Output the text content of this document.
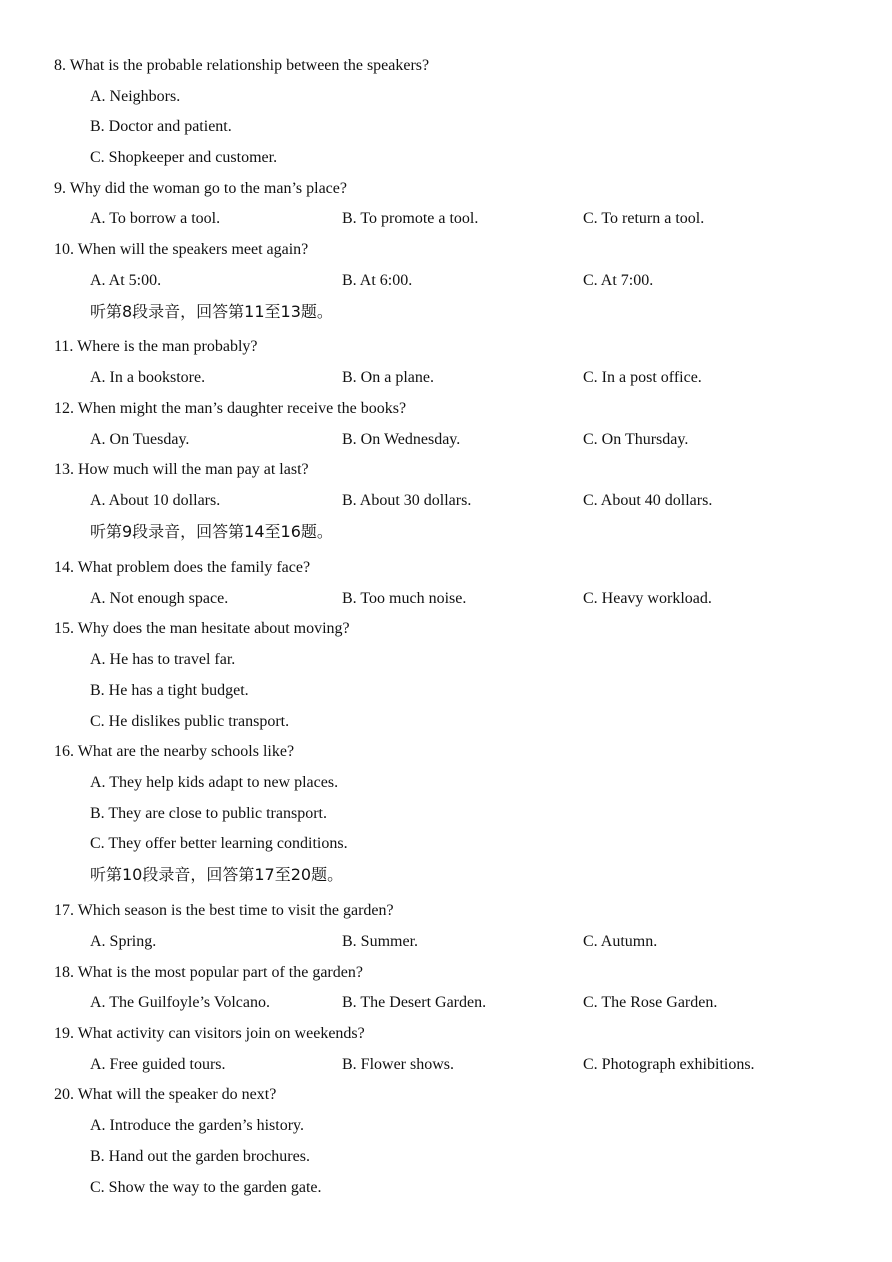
8. What is the probable relationship between the speakers?
A. Neighbors.
B. Doctor and patient.
C. Shopkeeper and customer.
9. Why did the woman go to the man’s place?
A. To borrow a tool.	B. To promote a tool.	C. To return a tool.
10. When will the speakers meet again?
A. At 5:00.	B. At 6:00.	C. At 7:00.
听第8段录音，回答第11至13题。
11. Where is the man probably?
A. In a bookstore.	B. On a plane.	C. In a post office.
12. When might the man’s daughter receive the books?
A. On Tuesday.	B. On Wednesday.	C. On Thursday.
13. How much will the man pay at last?
A. About 10 dollars.	B. About 30 dollars.	C. About 40 dollars.
听第9段录音，回答第14至16题。
14. What problem does the family face?
A. Not enough space.	B. Too much noise.	C. Heavy workload.
15. Why does the man hesitate about moving?
A. He has to travel far.
B. He has a tight budget.
C. He dislikes public transport.
16. What are the nearby schools like?
A. They help kids adapt to new places.
B. They are close to public transport.
C. They offer better learning conditions.
听第10段录音，回答第17至20题。
17. Which season is the best time to visit the garden?
A. Spring.	B. Summer.	C. Autumn.
18. What is the most popular part of the garden?
A. The Guilfoyle’s Volcano.	B. The Desert Garden.	C. The Rose Garden.
19. What activity can visitors join on weekends?
A. Free guided tours.	B. Flower shows.	C. Photograph exhibitions.
20. What will the speaker do next?
A. Introduce the garden’s history.
B. Hand out the garden brochures.
C. Show the way to the garden gate.
